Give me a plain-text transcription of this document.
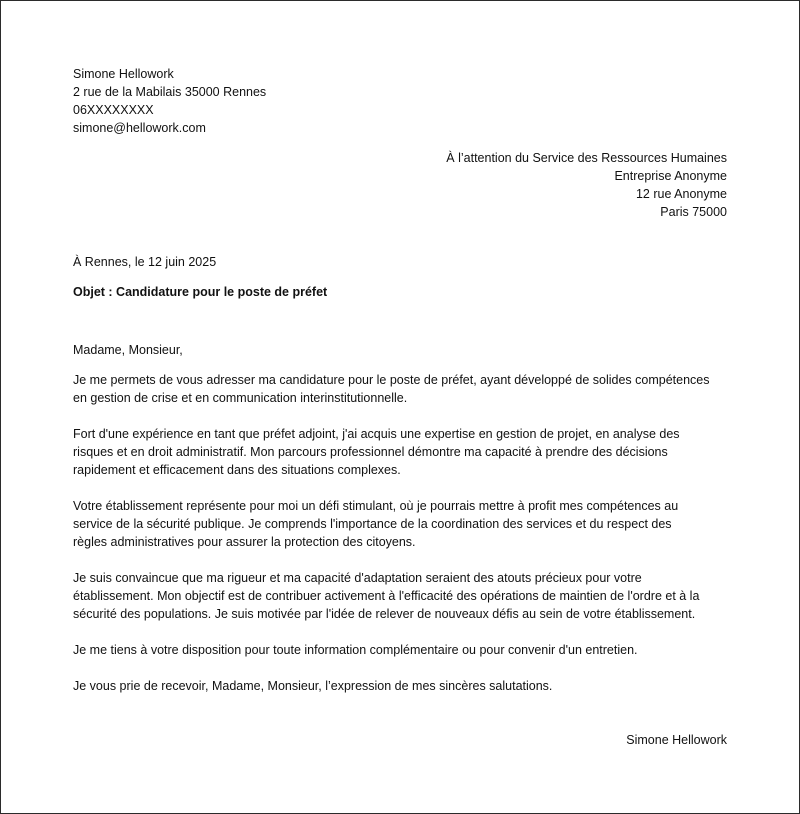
Simone Hellowork
2 rue de la Mabilais 35000 Rennes
06XXXXXXXX
simone@hellowork.com
À l’attention du Service des Ressources Humaines
Entreprise Anonyme
12 rue Anonyme
Paris 75000
À Rennes, le 12 juin 2025
Objet : Candidature pour le poste de préfet
Madame, Monsieur,
Je me permets de vous adresser ma candidature pour le poste de préfet, ayant développé de solides compétences
en gestion de crise et en communication interinstitutionnelle.
Fort d'une expérience en tant que préfet adjoint, j'ai acquis une expertise en gestion de projet, en analyse des
risques et en droit administratif. Mon parcours professionnel démontre ma capacité à prendre des décisions
rapidement et efficacement dans des situations complexes.
Votre établissement représente pour moi un défi stimulant, où je pourrais mettre à profit mes compétences au
service de la sécurité publique. Je comprends l'importance de la coordination des services et du respect des
règles administratives pour assurer la protection des citoyens.
Je suis convaincue que ma rigueur et ma capacité d'adaptation seraient des atouts précieux pour votre
établissement. Mon objectif est de contribuer activement à l'efficacité des opérations de maintien de l'ordre et à la
sécurité des populations. Je suis motivée par l'idée de relever de nouveaux défis au sein de votre établissement.
Je me tiens à votre disposition pour toute information complémentaire ou pour convenir d'un entretien.
Je vous prie de recevoir, Madame, Monsieur, l’expression de mes sincères salutations.
Simone Hellowork
